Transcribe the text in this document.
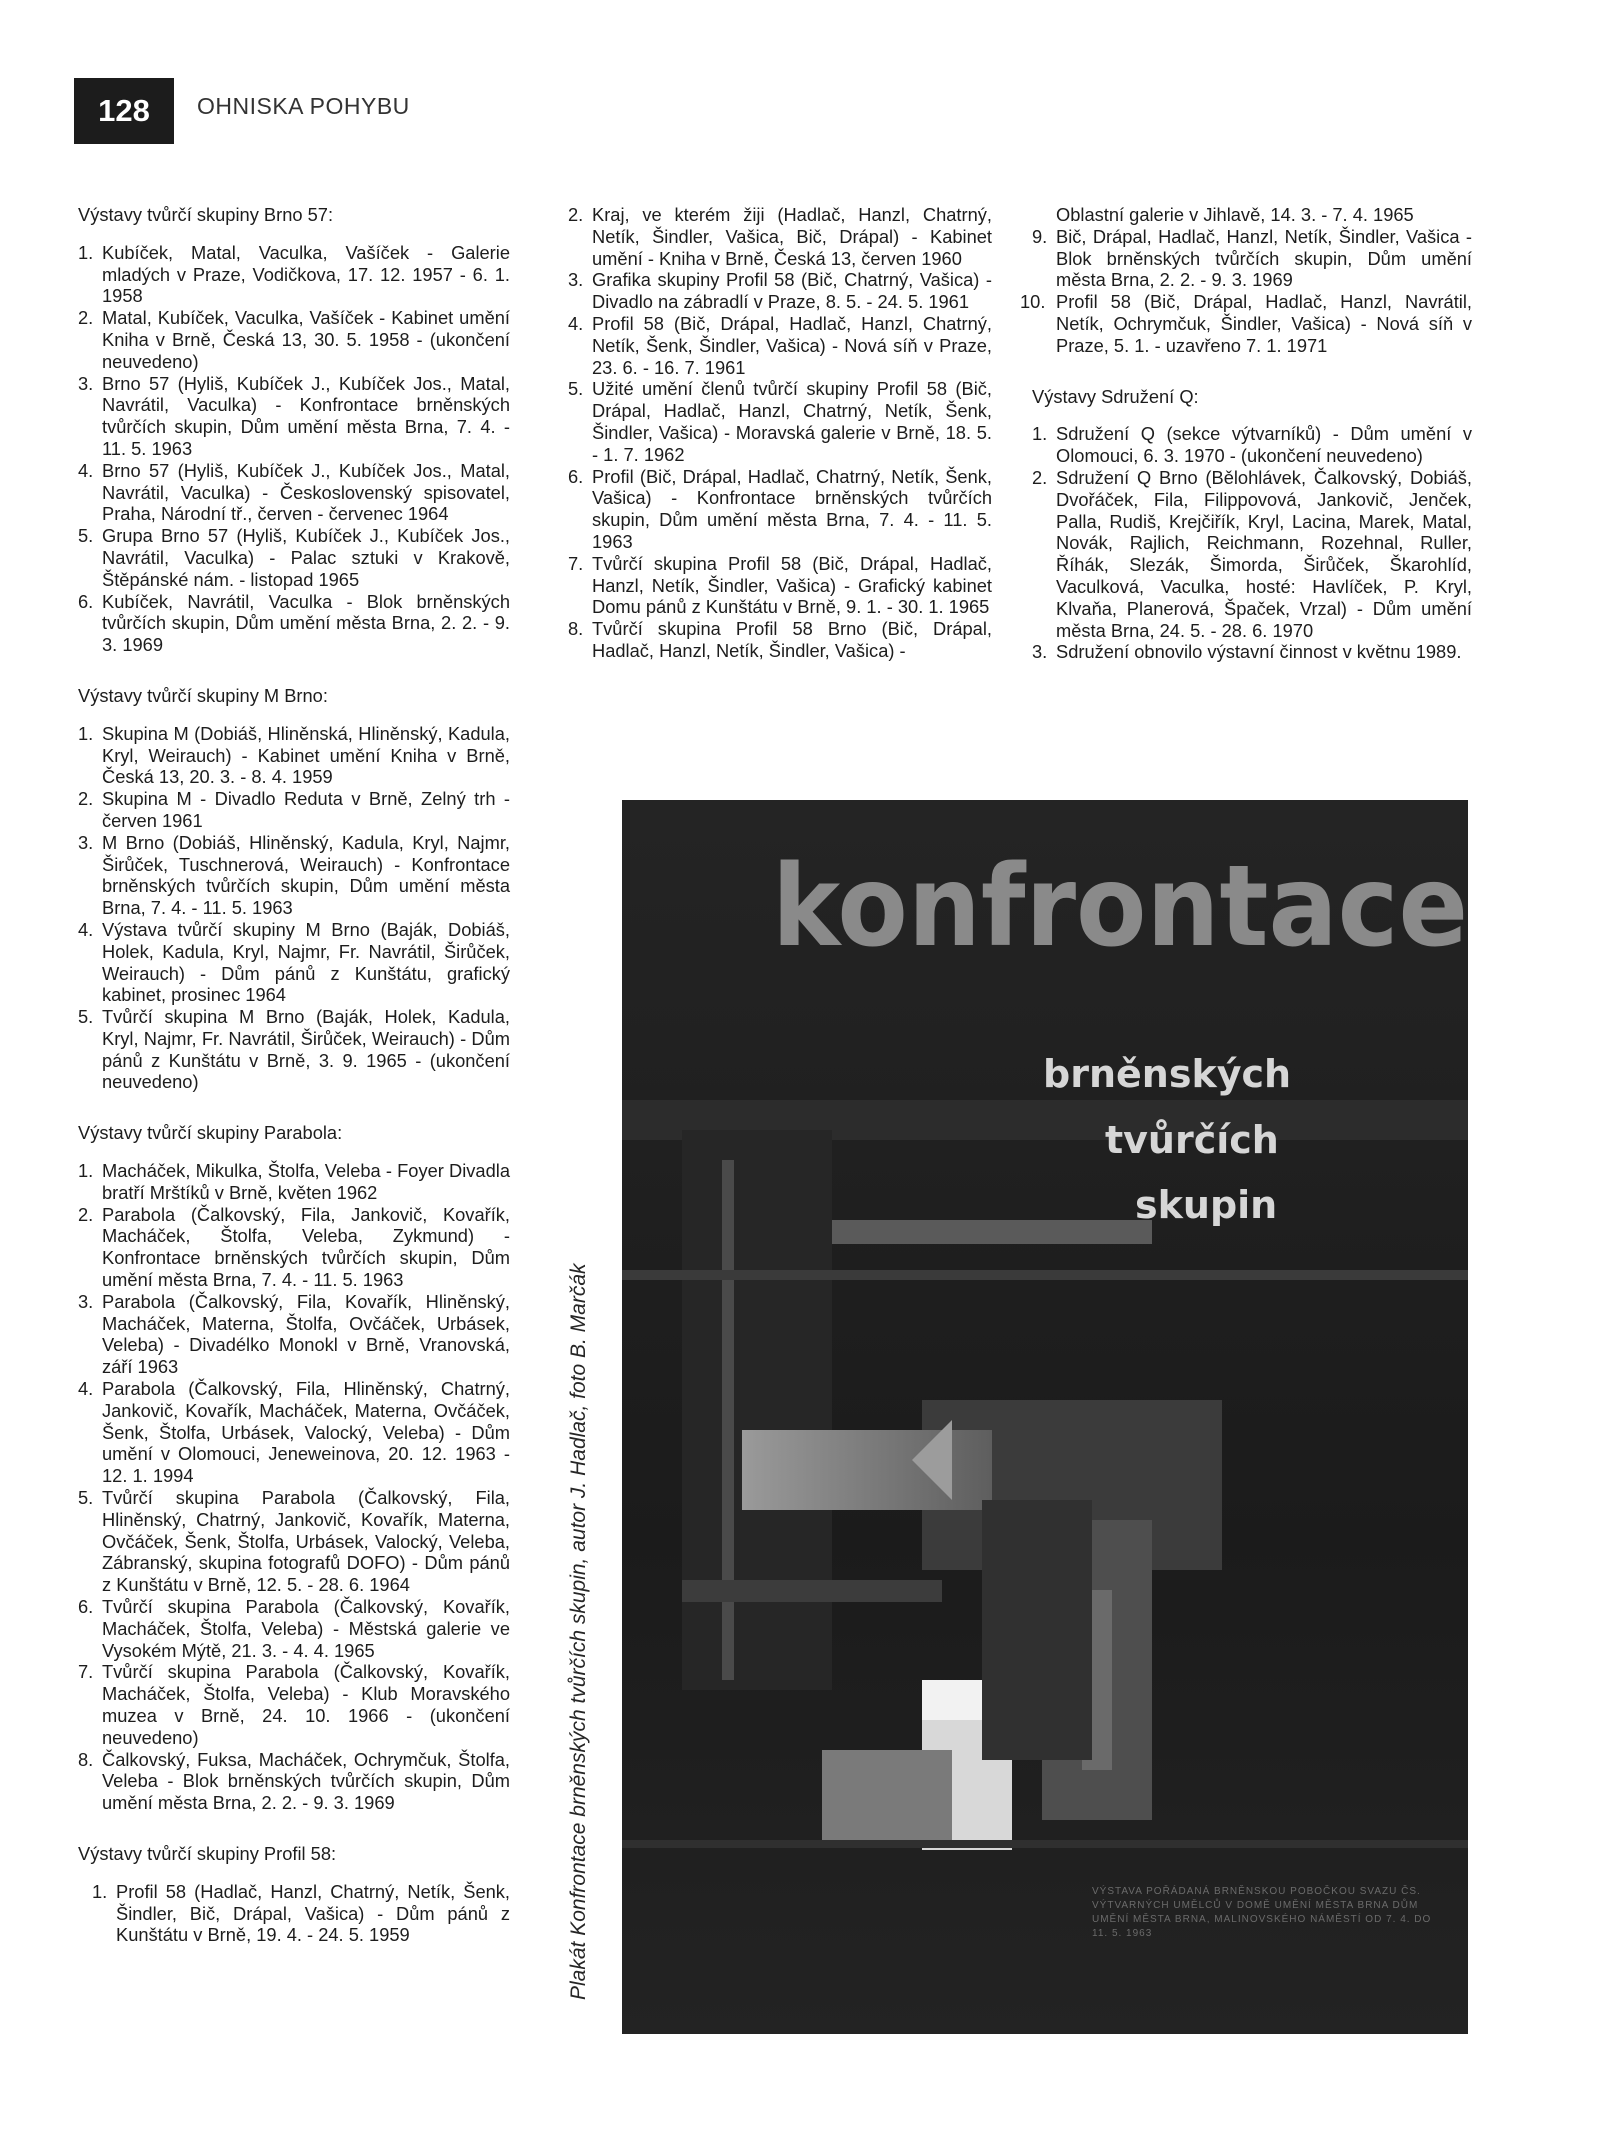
128	OHNISKA POHYBU
Výstavy tvůrčí skupiny Brno 57:
1. Kubíček, Matal, Vaculka, Vašíček - Galerie mladých v Praze, Vodičkova, 17. 12. 1957 - 6. 1. 1958
2. Matal, Kubíček, Vaculka, Vašíček - Kabinet umění Kniha v Brně, Česká 13, 30. 5. 1958 - (ukončení neuvedeno)
3. Brno 57 (Hyliš, Kubíček J., Kubíček Jos., Matal, Navrátil, Vaculka) - Konfrontace brněnských tvůrčích skupin, Dům umění města Brna, 7. 4. - 11. 5. 1963
4. Brno 57 (Hyliš, Kubíček J., Kubíček Jos., Matal, Navrátil, Vaculka) - Československý spisovatel, Praha, Národní tř., červen - červenec 1964
5. Grupa Brno 57 (Hyliš, Kubíček J., Kubíček Jos., Navrátil, Vaculka) - Palac sztuki v Krakově, Štěpánské nám. - listopad 1965
6. Kubíček, Navrátil, Vaculka - Blok brněnských tvůrčích skupin, Dům umění města Brna, 2. 2. - 9. 3. 1969
Výstavy tvůrčí skupiny M Brno:
1. Skupina M (Dobiáš, Hliněnská, Hliněnský, Kadula, Kryl, Weirauch) - Kabinet umění Kniha v Brně, Česká 13, 20. 3. - 8. 4. 1959
2. Skupina M - Divadlo Reduta v Brně, Zelný trh - červen 1961
3. M Brno (Dobiáš, Hliněnský, Kadula, Kryl, Najmr, Širůček, Tuschnerová, Weirauch) - Konfrontace brněnských tvůrčích skupin, Dům umění města Brna, 7. 4. - 11. 5. 1963
4. Výstava tvůrčí skupiny M Brno (Baják, Dobiáš, Holek, Kadula, Kryl, Najmr, Fr. Navrátil, Širůček, Weirauch) - Dům pánů z Kunštátu, grafický kabinet, prosinec 1964
5. Tvůrčí skupina M Brno (Baják, Holek, Kadula, Kryl, Najmr, Fr. Navrátil, Širůček, Weirauch) - Dům pánů z Kunštátu v Brně, 3. 9. 1965 - (ukončení neuvedeno)
Výstavy tvůrčí skupiny Parabola:
1. Macháček, Mikulka, Štolfa, Veleba - Foyer Divadla bratří Mrštíků v Brně, květen 1962
2. Parabola (Čalkovský, Fila, Jankovič, Kovařík, Macháček, Štolfa, Veleba, Zykmund) - Konfrontace brněnských tvůrčích skupin, Dům umění města Brna, 7. 4. - 11. 5. 1963
3. Parabola (Čalkovský, Fila, Kovařík, Hliněnský, Macháček, Materna, Štolfa, Ovčáček, Urbásek, Veleba) - Divadélko Monokl v Brně, Vranovská, září 1963
4. Parabola (Čalkovský, Fila, Hliněnský, Chatrný, Jankovič, Kovařík, Macháček, Materna, Ovčáček, Šenk, Štolfa, Urbásek, Valocký, Veleba) - Dům umění v Olomouci, Jeneweinova, 20. 12. 1963 - 12. 1. 1994
5. Tvůrčí skupina Parabola (Čalkovský, Fila, Hliněnský, Chatrný, Jankovič, Kovařík, Materna, Ovčáček, Šenk, Štolfa, Urbásek, Valocký, Veleba, Zábranský, skupina fotografů DOFO) - Dům pánů z Kunštátu v Brně, 12. 5. - 28. 6. 1964
6. Tvůrčí skupina Parabola (Čalkovský, Kovařík, Macháček, Štolfa, Veleba) - Městská galerie ve Vysokém Mýtě, 21. 3. - 4. 4. 1965
7. Tvůrčí skupina Parabola (Čalkovský, Kovařík, Macháček, Štolfa, Veleba) - Klub Moravského muzea v Brně, 24. 10. 1966 - (ukončení neuvedeno)
8. Čalkovský, Fuksa, Macháček, Ochrymčuk, Štolfa, Veleba - Blok brněnských tvůrčích skupin, Dům umění města Brna, 2. 2. - 9. 3. 1969
Výstavy tvůrčí skupiny Profil 58:
1. Profil 58 (Hadlač, Hanzl, Chatrný, Netík, Šenk, Šindler, Bič, Drápal, Vašica) - Dům pánů z Kunštátu v Brně, 19. 4. - 24. 5. 1959
2. Kraj, ve kterém žiji (Hadlač, Hanzl, Chatrný, Netík, Šindler, Vašica, Bič, Drápal) - Kabinet umění - Kniha v Brně, Česká 13, červen 1960
3. Grafika skupiny Profil 58 (Bič, Chatrný, Vašica) - Divadlo na zábradlí v Praze, 8. 5. - 24. 5. 1961
4. Profil 58 (Bič, Drápal, Hadlač, Hanzl, Chatrný, Netík, Šenk, Šindler, Vašica) - Nová síň v Praze, 23. 6. - 16. 7. 1961
5. Užité umění členů tvůrčí skupiny Profil 58 (Bič, Drápal, Hadlač, Hanzl, Chatrný, Netík, Šenk, Šindler, Vašica) - Moravská galerie v Brně, 18. 5. - 1. 7. 1962
6. Profil (Bič, Drápal, Hadlač, Chatrný, Netík, Šenk, Vašica) - Konfrontace brněnských tvůrčích skupin, Dům umění města Brna, 7. 4. - 11. 5. 1963
7. Tvůrčí skupina Profil 58 (Bič, Drápal, Hadlač, Hanzl, Netík, Šindler, Vašica) - Grafický kabinet Domu pánů z Kunštátu v Brně, 9. 1. - 30. 1. 1965
8. Tvůrčí skupina Profil 58 Brno (Bič, Drápal, Hadlač, Hanzl, Netík, Šindler, Vašica) -

Oblastní galerie v Jihlavě, 14. 3. - 7. 4. 1965

9. Bič, Drápal, Hadlač, Hanzl, Netík, Šindler, Vašica - Blok brněnských tvůrčích skupin, Dům umění města Brna, 2. 2. - 9. 3. 1969
10. Profil 58 (Bič, Drápal, Hadlač, Hanzl, Navrátil, Netík, Ochrymčuk, Šindler, Vašica) - Nová síň v Praze, 5. 1. - uzavřeno 7. 1. 1971
Výstavy Sdružení Q:
1. Sdružení Q (sekce výtvarníků) - Dům umění v Olomouci, 6. 3. 1970 - (ukončení neuvedeno)
2. Sdružení Q Brno (Bělohlávek, Čalkovský, Dobiáš, Dvořáček, Fila, Filippovová, Jankovič, Jenček, Palla, Rudiš, Krejčiřík, Kryl, Lacina, Marek, Matal, Novák, Rajlich, Reichmann, Rozehnal, Ruller, Říhák, Slezák, Šimorda, Širůček, Škarohlíd, Vaculková, Vaculka, hosté: Havlíček, P. Kryl, Klvaňa, Planerová, Špaček, Vrzal) - Dům umění města Brna, 24. 5. - 28. 6. 1970
3. Sdružení obnovilo výstavní činnost v květnu 1989.
konfrontace
brněnských
tvůrčích
skupin
VÝSTAVA POŘÁDANÁ BRNĚNSKOU POBOČKOU SVAZU ČS. VÝTVARNÝCH UMĚLCŮ V DOMĚ UMĚNÍ MĚSTA BRNA DŮM UMĚNÍ MĚSTA BRNA, MALINOVSKÉHO NÁMĚSTÍ OD 7. 4. DO 11. 5. 1963
Plakát Konfrontace brněnských tvůrčích skupin, autor J. Hadlač, foto B. Marčák
